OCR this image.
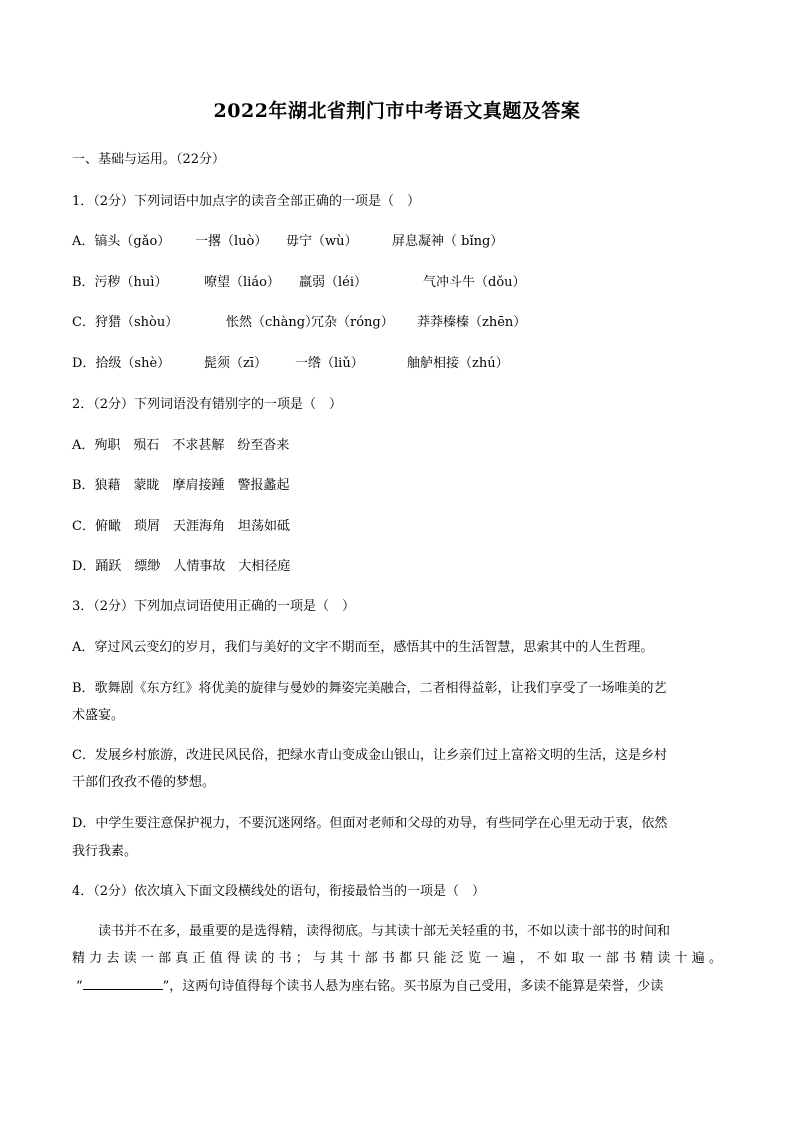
2022年湖北省荆门市中考语文真题及答案
一、基础与运用。（22分）
1．（2分）下列词语中加点字的读音全部正确的一项是（　）
A．镐头（gǎo） 一撂（luò） 毋宁（wù）	屏息凝神（ bǐng）
B．污秽（huì）	嘹望（liáo） 羸弱（léi）	气冲斗牛（dǒu）
C．狩猎（shòu）	怅然（chàng）冗杂（róng） 莽莽榛榛（zhēn）
D．拾级（shè）	髭须（zī） 一绺（liǔ）	舳舻相接（zhú）
2．（2分）下列词语没有错别字的一项是（　）
A．殉职　殒石　不求甚解　纷至沓来
B．狼藉　蒙眬　摩肩接踵　警报蠡起
C．俯瞰　琐屑　天涯海角　坦荡如砥
D．踊跃　缥缈　人情事故　大相径庭
3．（2分）下列加点词语使用正确的一项是（　）
A．穿过风云变幻的岁月，我们与美好的文字不期而至，感悟其中的生活智慧，思索其中的人生哲理。
B．歌舞剧《东方红》将优美的旋律与曼妙的舞姿完美融合，二者相得益彰，让我们享受了一场唯美的艺
术盛宴。
C．发展乡村旅游，改进民风民俗，把绿水青山变成金山银山，让乡亲们过上富裕文明的生活，这是乡村
干部们孜孜不倦的梦想。
D．中学生要注意保护视力，不要沉迷网络。但面对老师和父母的劝导，有些同学在心里无动于衷，依然
我行我素。
4．（2分）依次填入下面文段横线处的语句，衔接最恰当的一项是（　）
读书并不在多，最重要的是选得精，读得彻底。与其读十部无关轻重的书，不如以读十部书的时间和
精力去读一部真正值得读的书；与其十部书都只能泛览一遍，不如取一部书精读十遍。
“	”，这两句诗值得每个读书人悬为座右铭。买书原为自己受用，多读不能算是荣誉，少读
